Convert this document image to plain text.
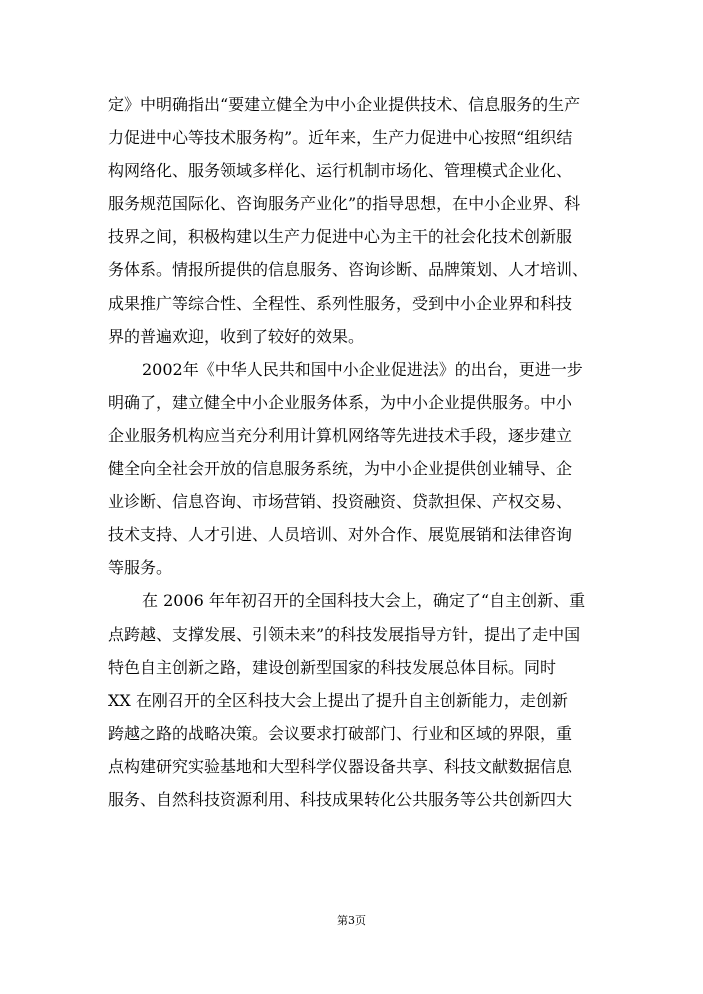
定》中明确指出“要建立健全为中小企业提供技术、信息服务的生产
力促进中心等技术服务构”。近年来，生产力促进中心按照“组织结
构网络化、服务领域多样化、运行机制市场化、管理模式企业化、
服务规范国际化、咨询服务产业化”的指导思想，在中小企业界、科
技界之间，积极构建以生产力促进中心为主干的社会化技术创新服
务体系。情报所提供的信息服务、咨询诊断、品牌策划、人才培训、
成果推广等综合性、全程性、系列性服务，受到中小企业界和科技
界的普遍欢迎，收到了较好的效果。
2002年《中华人民共和国中小企业促进法》的出台，更进一步
明确了，建立健全中小企业服务体系，为中小企业提供服务。中小
企业服务机构应当充分利用计算机网络等先进技术手段，逐步建立
健全向全社会开放的信息服务系统，为中小企业提供创业辅导、企
业诊断、信息咨询、市场营销、投资融资、贷款担保、产权交易、
技术支持、人才引进、人员培训、对外合作、展览展销和法律咨询
等服务。
在 2006 年年初召开的全国科技大会上，确定了“自主创新、重
点跨越、支撑发展、引领未来”的科技发展指导方针，提出了走中国
特色自主创新之路，建设创新型国家的科技发展总体目标。同时
XX 在刚召开的全区科技大会上提出了提升自主创新能力，走创新
跨越之路的战略决策。会议要求打破部门、行业和区域的界限，重
点构建研究实验基地和大型科学仪器设备共享、科技文献数据信息
服务、自然科技资源利用、科技成果转化公共服务等公共创新四大
第3页
